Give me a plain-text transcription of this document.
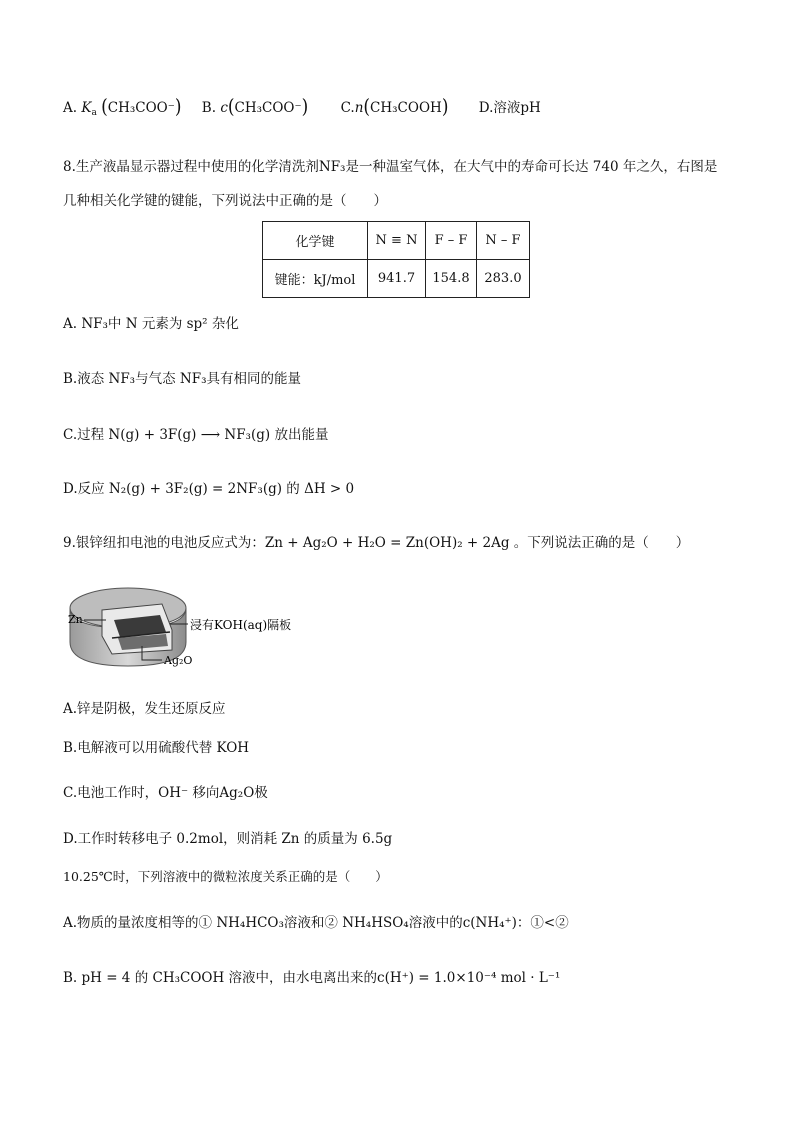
A. $K_a$ (CH₃COO⁻) B. c(CH₃COO⁻) C.n(CH₃COOH) D.溶液pH
8.生产液晶显示器过程中使用的化学清洗剂NF₃是一种温室气体，在大气中的寿命可长达 740 年之久，右图是
几种相关化学键的键能，下列说法中正确的是（　　）
化学键	N ≡ N	F – F	N – F
键能：kJ/mol	941.7	154.8	283.0
A. NF₃中 N 元素为 sp² 杂化
B.液态 NF₃与气态 NF₃具有相同的能量
C.过程 N(g) + 3F(g) ⟶ NF₃(g) 放出能量
D.反应 N₂(g) + 3F₂(g) = 2NF₃(g) 的 ΔH > 0
9.银锌纽扣电池的电池反应式为：Zn + Ag₂O + H₂O = Zn(OH)₂ + 2Ag 。下列说法正确的是（　　）
Zn	浸有KOH(aq)隔板
Ag₂O
A.锌是阴极，发生还原反应
B.电解液可以用硫酸代替 KOH
C.电池工作时，OH⁻ 移向Ag₂O极
D.工作时转移电子 0.2mol，则消耗 Zn 的质量为 6.5g
10.25℃时，下列溶液中的微粒浓度关系正确的是（　　）
A.物质的量浓度相等的① NH₄HCO₃溶液和② NH₄HSO₄溶液中的c(NH₄⁺)：①<②
B. pH = 4 的 CH₃COOH 溶液中，由水电离出来的c(H⁺) = 1.0×10⁻⁴ mol · L⁻¹
